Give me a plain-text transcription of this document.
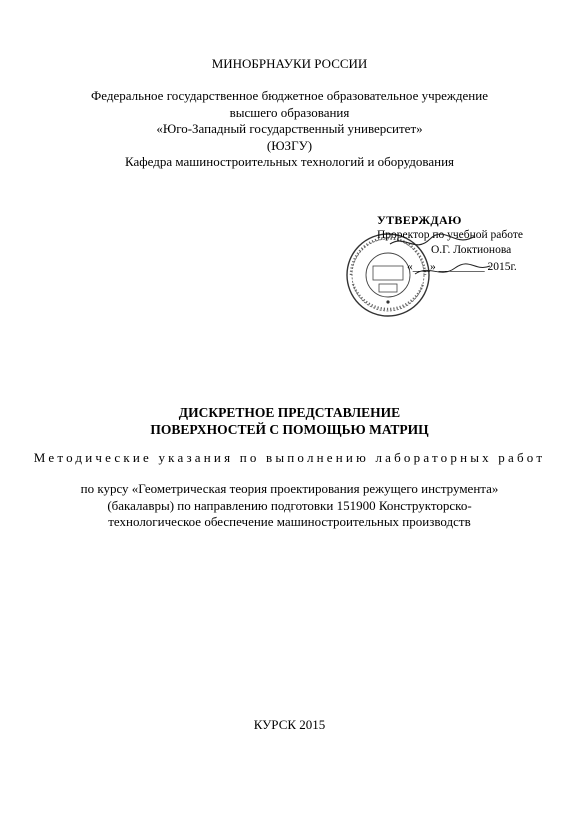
МИНОБРНАУКИ РОССИИ
Федеральное государственное бюджетное образовательное учреждение
высшего образования
«Юго-Западный государственный университет»
(ЮЗГУ)
Кафедра машиностроительных технологий и оборудования
УТВЕРЖДАЮ
Проректор по учебной работе
О.Г. Локтионова
«___» ________ 2015г.
ДИСКРЕТНОЕ ПРЕДСТАВЛЕНИЕ
ПОВЕРХНОСТЕЙ С ПОМОЩЬЮ МАТРИЦ
Методические указания по выполнению лабораторных работ
по курсу «Геометрическая теория проектирования режущего инструмента»
(бакалавры) по направлению подготовки 151900 Конструкторско-
технологическое обеспечение машиностроительных производств
КУРСК 2015
